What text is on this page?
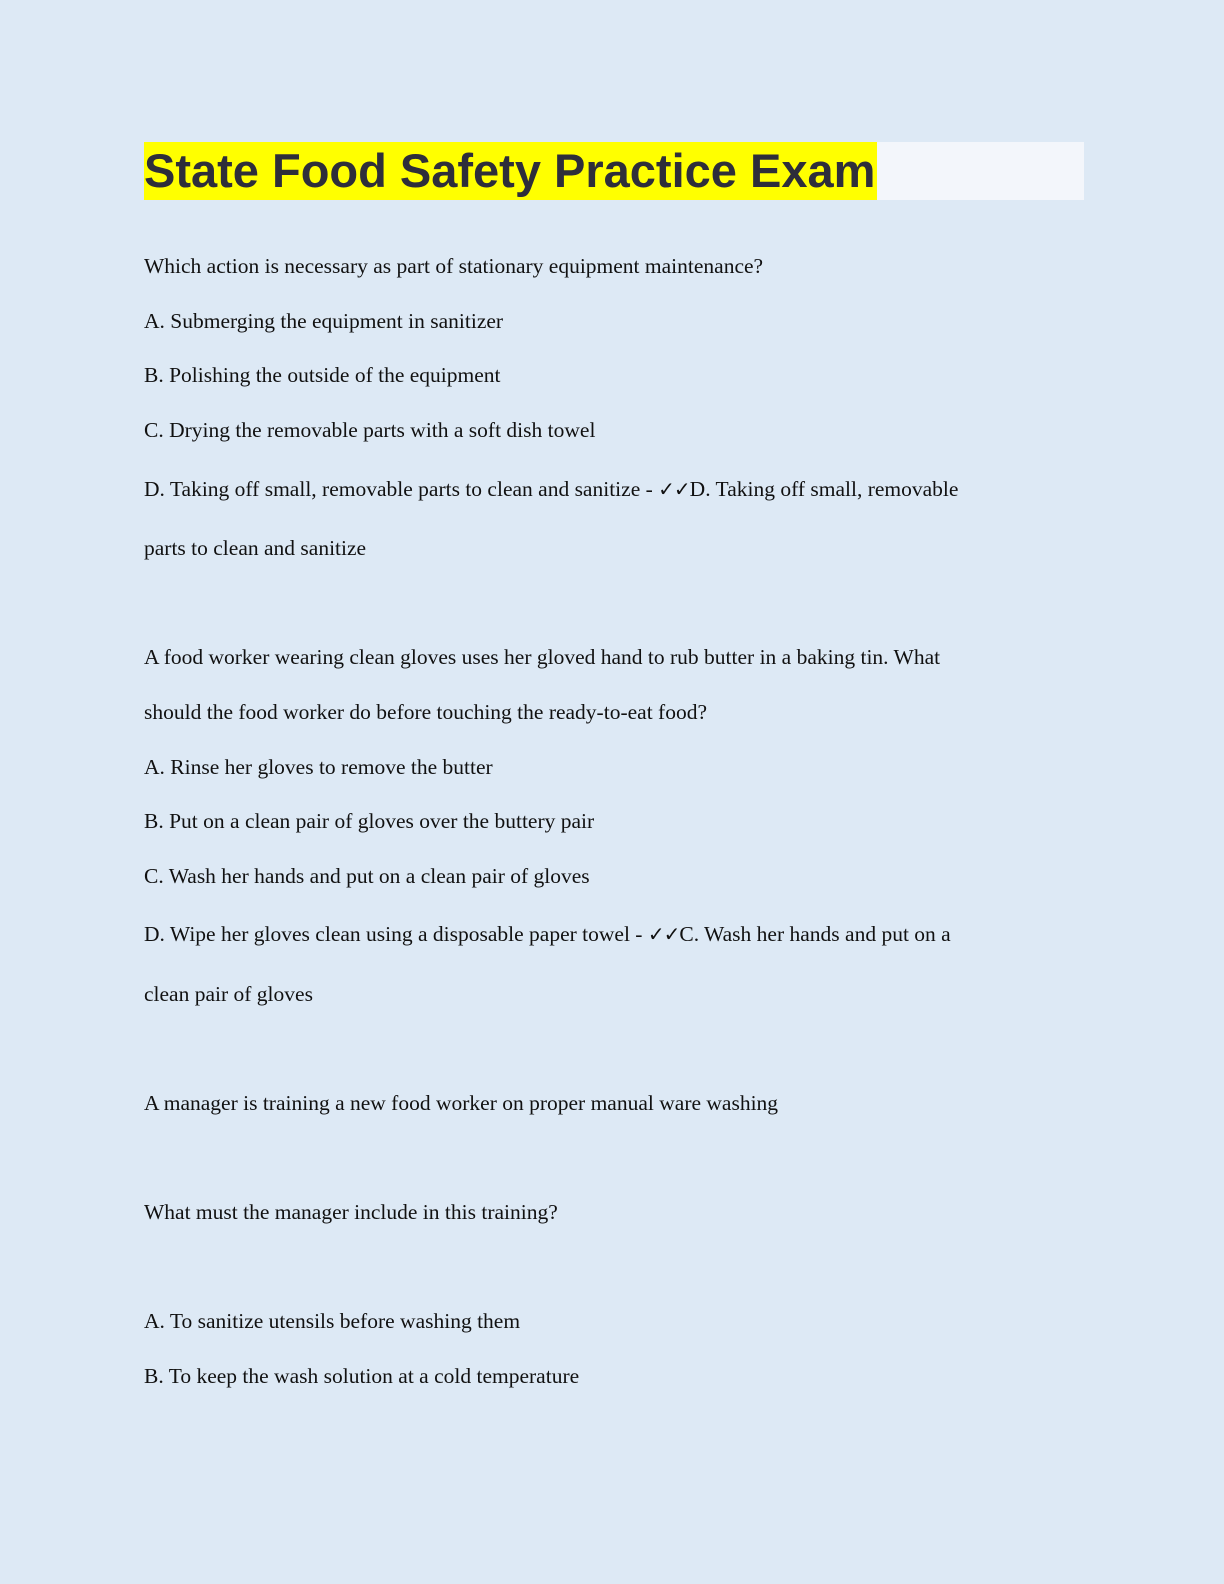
State Food Safety Practice Exam
Which action is necessary as part of stationary equipment maintenance?
A. Submerging the equipment in sanitizer
B. Polishing the outside of the equipment
C. Drying the removable parts with a soft dish towel
D. Taking off small, removable parts to clean and sanitize - ✓✓D. Taking off small, removable
parts to clean and sanitize
A food worker wearing clean gloves uses her gloved hand to rub butter in a baking tin. What
should the food worker do before touching the ready-to-eat food?
A. Rinse her gloves to remove the butter
B. Put on a clean pair of gloves over the buttery pair
C. Wash her hands and put on a clean pair of gloves
D. Wipe her gloves clean using a disposable paper towel - ✓✓C. Wash her hands and put on a
clean pair of gloves
A manager is training a new food worker on proper manual ware washing
What must the manager include in this training?
A. To sanitize utensils before washing them
B. To keep the wash solution at a cold temperature
